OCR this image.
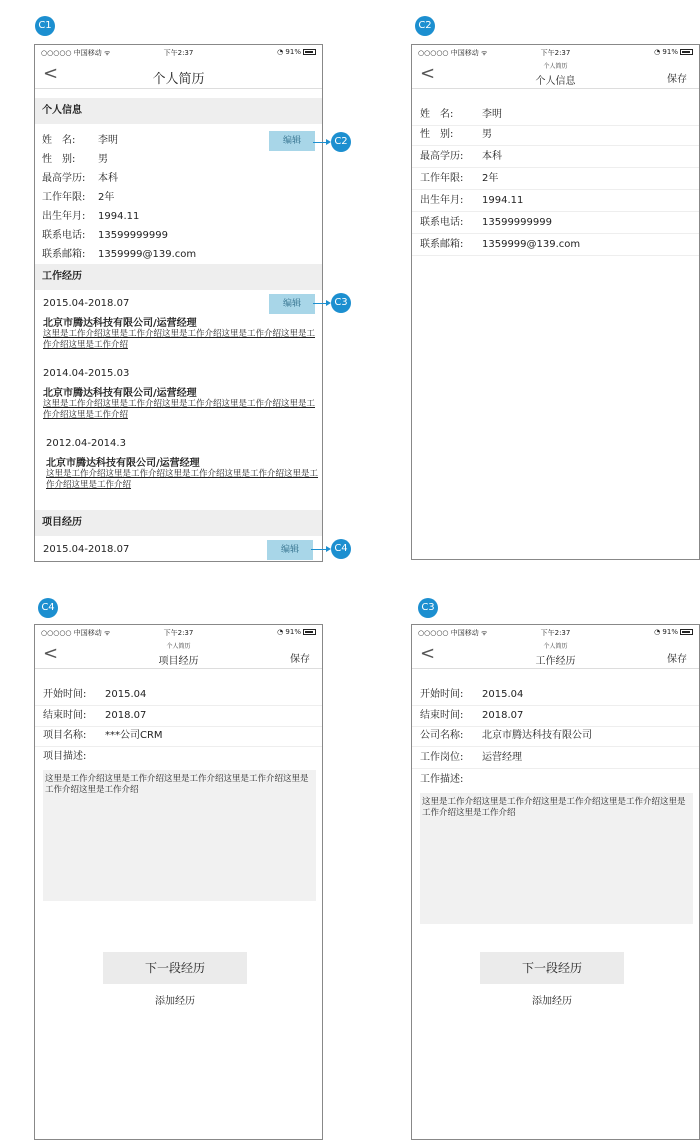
C1
○○○○○ 中国移动 ᯤ	下午2:37	◔ 91%
<	个人简历
个人信息
姓　名: 李明
性　别: 男
最高学历: 本科
工作年限: 2年
出生年月: 1994.11
联系电话: 13599999999
联系邮箱: 1359999@139.com
工作经历
2015.04-2018.07
北京市腾达科技有限公司/运营经理
这里是工作介绍这里是工作介绍这里是工作介绍这里是工作介绍这里是工作介绍这里是工作介绍
2014.04-2015.03
北京市腾达科技有限公司/运营经理
这里是工作介绍这里是工作介绍这里是工作介绍这里是工作介绍这里是工作介绍这里是工作介绍
2012.04-2014.3
北京市腾达科技有限公司/运营经理
这里是工作介绍这里是工作介绍这里是工作介绍这里是工作介绍这里是工作介绍这里是工作介绍
项目经历
2015.04-2018.07
编辑
编辑
编辑
C2
C3
C4
C2
○○○○○ 中国移动 ᯤ	下午2:37	◔ 91%
<	个人简历
个人信息	保存
姓　名:	李明
性　别:	男
最高学历: 本科
工作年限: 2年
出生年月: 1994.11
联系电话: 13599999999
联系邮箱: 1359999@139.com
C4
○○○○○ 中国移动 ᯤ	下午2:37	◔ 91%
<	个人简历
项目经历	保存
开始时间: 2015.04
结束时间: 2018.07
项目名称: ***公司CRM
项目描述:
这里是工作介绍这里是工作介绍这里是工作介绍这里是工作介绍这里是工作介绍这里是工作介绍
下一段经历
添加经历
C3
○○○○○ 中国移动 ᯤ	下午2:37	◔ 91%
<	个人简历
工作经历	保存
开始时间: 2015.04
结束时间: 2018.07
公司名称: 北京市腾达科技有限公司
工作岗位: 运营经理
工作描述:
这里是工作介绍这里是工作介绍这里是工作介绍这里是工作介绍这里是工作介绍这里是工作介绍
下一段经历
添加经历
